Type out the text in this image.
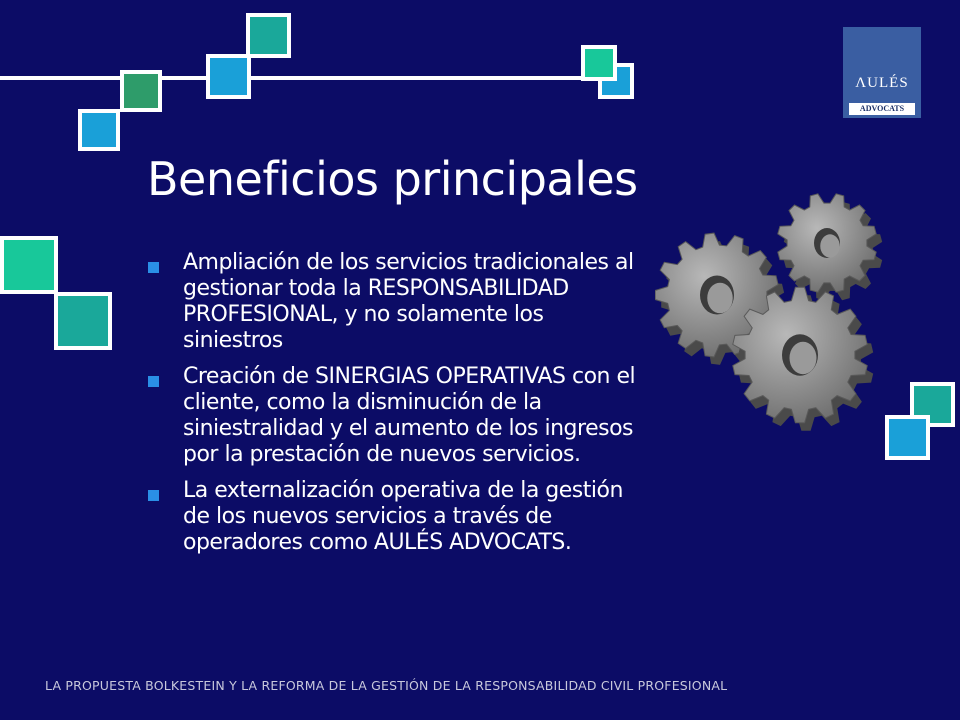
ΛULÉS
ADVOCATS
Beneficios principales
Ampliación de los servicios tradicionales al gestionar toda la RESPONSABILIDAD PROFESIONAL, y no solamente los siniestros
Creación de SINERGIAS OPERATIVAS con el cliente, como la disminución de la siniestralidad y el aumento de los ingresos por la prestación de nuevos servicios.
La externalización operativa de la gestión de los nuevos servicios a través de operadores como AULÉS ADVOCATS.
LA PROPUESTA BOLKESTEIN Y LA REFORMA DE LA GESTIÓN DE LA RESPONSABILIDAD CIVIL PROFESIONAL
